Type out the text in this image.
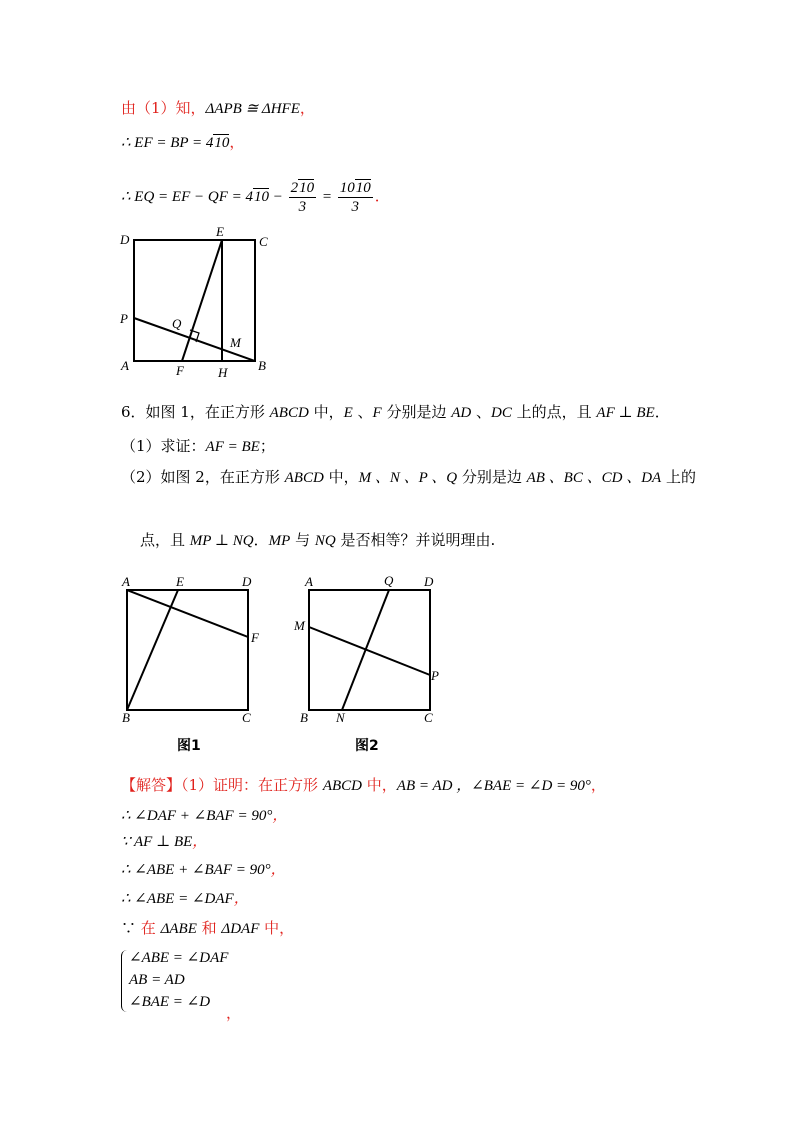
由（1）知，ΔAPB ≅ ΔHFE，
∴ EF = BP = 410，
∴ EQ = EF − QF = $410 - \frac{210}{3} = \frac{1010}{3}$ ．
D
E
C
P	Q
M
A	F	H B
6．如图 1，在正方形 ABCD 中，E 、F 分别是边 AD 、DC 上的点，且 AF ⊥ BE．
（1）求证：AF = BE；
（2）如图 2，在正方形 ABCD 中，M 、N 、P 、Q 分别是边 AB 、BC 、CD 、DA 上的
点，且 MP ⊥ NQ．MP 与 NQ 是否相等？并说明理由.
A	E	D
F
B	C
A	Q D
M
P
B N	C
图1	图2
【解答】（1）证明：在正方形 ABCD 中，AB = AD ，∠BAE = ∠D = 90°，
∴ ∠DAF + ∠BAF = 90°，
∵ AF ⊥ BE，
∴ ∠ABE + ∠BAF = 90°，
∴ ∠ABE = ∠DAF，
∵ 在 ΔABE 和 ΔDAF 中，
∠ABE = ∠DAF
AB = AD
∠BAE = ∠D
，
